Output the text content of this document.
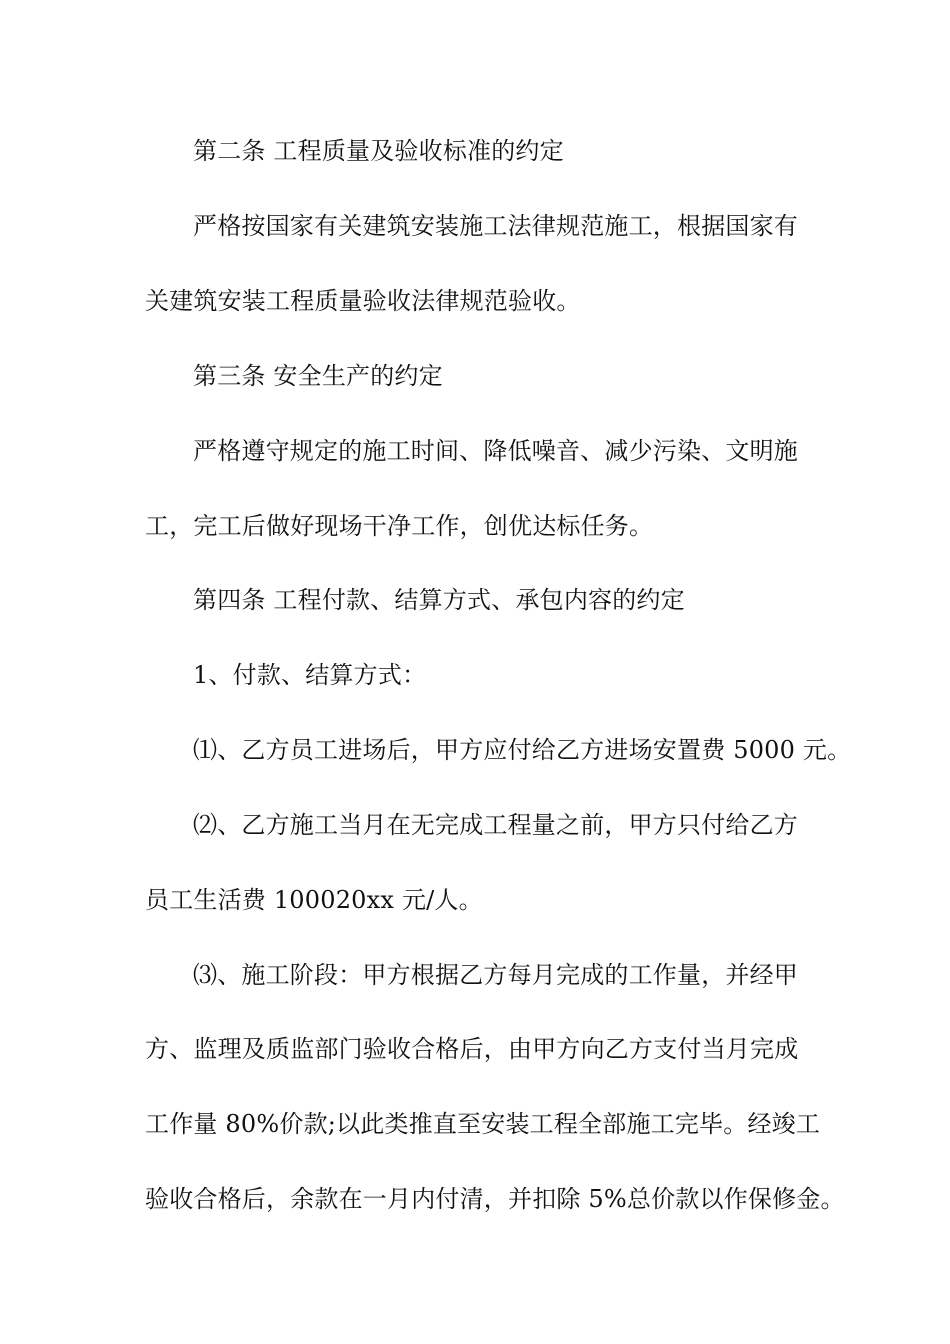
第二条 工程质量及验收标准的约定
严格按国家有关建筑安装施工法律规范施工，根据国家有
关建筑安装工程质量验收法律规范验收。
第三条 安全生产的约定
严格遵守规定的施工时间、降低噪音、减少污染、文明施
工，完工后做好现场干净工作，创优达标任务。
第四条 工程付款、结算方式、承包内容的约定
1、付款、结算方式：
⑴、乙方员工进场后，甲方应付给乙方进场安置费 5000 元。
⑵、乙方施工当月在无完成工程量之前，甲方只付给乙方
员工生活费 100020xx 元/人。
⑶、施工阶段：甲方根据乙方每月完成的工作量，并经甲
方、监理及质监部门验收合格后，由甲方向乙方支付当月完成
工作量 80%价款;以此类推直至安装工程全部施工完毕。经竣工
验收合格后，余款在一月内付清，并扣除 5%总价款以作保修金。
